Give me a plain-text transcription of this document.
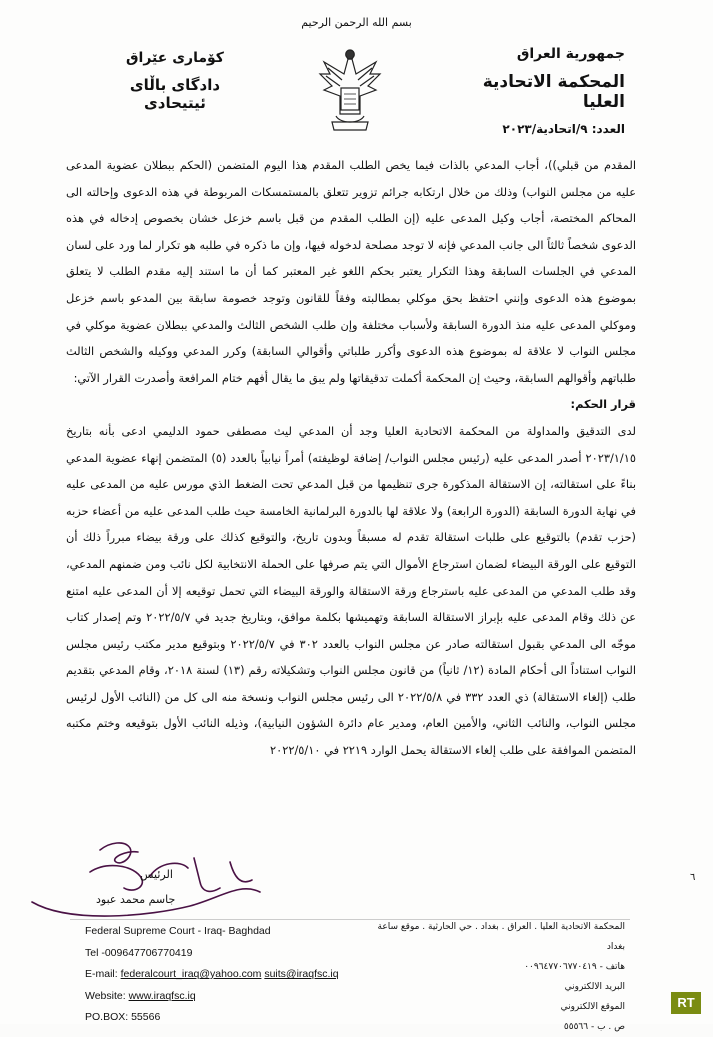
بسم الله الرحمن الرحيم
جمهورية العراق
المحكمة الاتحادية العليا
العدد: ٩/اتحادية/٢٠٢٣
كۆماری عێراق
دادگای باڵای ئیتیحادی

المقدم من قبلي))، أجاب المدعي بالذات فيما يخص الطلب المقدم هذا اليوم المتضمن (الحكم ببطلان عضوية المدعى عليه من مجلس النواب) وذلك من خلال ارتكابه جرائم تزوير تتعلق بالمستمسكات المربوطة في هذه الدعوى وإحالته الى المحاكم المختصة، أجاب وكيل المدعى عليه (إن الطلب المقدم من قبل باسم خزعل خشان بخصوص إدخاله في هذه الدعوى شخصاً ثالثاً الى جانب المدعي فإنه لا توجد مصلحة لدخوله فيها، وإن ما ذكره في طلبه هو تكرار لما ورد على لسان المدعي في الجلسات السابقة وهذا التكرار يعتبر بحكم اللغو غير المعتبر كما أن ما استند إليه مقدم الطلب لا يتعلق بموضوع هذه الدعوى وإنني احتفظ بحق موكلي بمطالبته وفقاً للقانون وتوجد خصومة سابقة بين المدعو باسم خزعل وموكلي المدعى عليه منذ الدورة السابقة ولأسباب مختلفة وإن طلب الشخص الثالث والمدعي ببطلان عضوية موكلي في مجلس النواب لا علاقة له بموضوع هذه الدعوى وأكرر طلباتي وأقوالي السابقة) وكرر المدعي ووكيله والشخص الثالث طلباتهم وأقوالهم السابقة، وحيث إن المحكمة أكملت تدقيقاتها ولم يبق ما يقال أفهم ختام المرافعة وأصدرت القرار الآتي:

قرار الحكم:

لدى التدقيق والمداولة من المحكمة الاتحادية العليا وجد أن المدعي ليث مصطفى حمود الدليمي ادعى بأنه بتاريخ ٢٠٢٣/١/١٥ أصدر المدعى عليه (رئيس مجلس النواب/ إضافة لوظيفته) أمراً نيابياً بالعدد (٥) المتضمن إنهاء عضوية المدعي بناءً على استقالته، إن الاستقالة المذكورة جرى تنظيمها من قبل المدعي تحت الضغط الذي مورس عليه من المدعى عليه في نهاية الدورة السابقة (الدورة الرابعة) ولا علاقة لها بالدورة البرلمانية الخامسة حيث طلب المدعى عليه من أعضاء حزبه (حزب تقدم) بالتوقيع على طلبات استقالة تقدم له مسبقاً وبدون تاريخ، والتوقيع كذلك على ورقة بيضاء مبرراً ذلك أن التوقيع على الورقة البيضاء لضمان استرجاع الأموال التي يتم صرفها على الحملة الانتخابية لكل نائب ومن ضمنهم المدعي، وقد طلب المدعي من المدعى عليه باسترجاع ورقة الاستقالة والورقة البيضاء التي تحمل توقيعه إلا أن المدعى عليه امتنع عن ذلك وقام المدعى عليه بإبراز الاستقالة السابقة وتهميشها بكلمة موافق، وبتاريخ جديد في ٢٠٢٢/٥/٧ وتم إصدار كتاب موجّه الى المدعي بقبول استقالته صادر عن مجلس النواب بالعدد ٣٠٢ في ٢٠٢٢/٥/٧ وبتوقيع مدير مكتب رئيس مجلس النواب استناداً الى أحكام المادة (١٢/ ثانياً) من قانون مجلس النواب وتشكيلاته رقم (١٣) لسنة ٢٠١٨، وقام المدعي بتقديم طلب (إلغاء الاستقالة) ذي العدد ٣٣٢ في ٢٠٢٢/٥/٨ الى رئيس مجلس النواب ونسخة منه الى كل من (النائب الأول لرئيس مجلس النواب، والنائب الثاني، والأمين العام، ومدير عام دائرة الشؤون النيابية)، وذيله النائب الأول بتوقيعه وختم مكتبه المتضمن الموافقة على طلب إلغاء الاستقالة يحمل الوارد ٢٢١٩ في ٢٠٢٢/٥/١٠

الرئيس
جاسم محمد عبود
٦
Federal Supreme Court - Iraq- Baghdad
Tel -009647706770419
E-mail: federalcourt_iraq@yahoo.com suits@iraqfsc.iq
Website: www.iraqfsc.iq
PO.BOX: 55566
المحكمة الاتحادية العليا . العراق . بغداد . حي الحارثية . موقع ساعة بغداد
هاتف - ٠٠٩٦٤٧٧٠٦٧٧٠٤١٩
البريد الالكتروني
الموقع الالكتروني
ص . ب - ٥٥٥٦٦
RT
